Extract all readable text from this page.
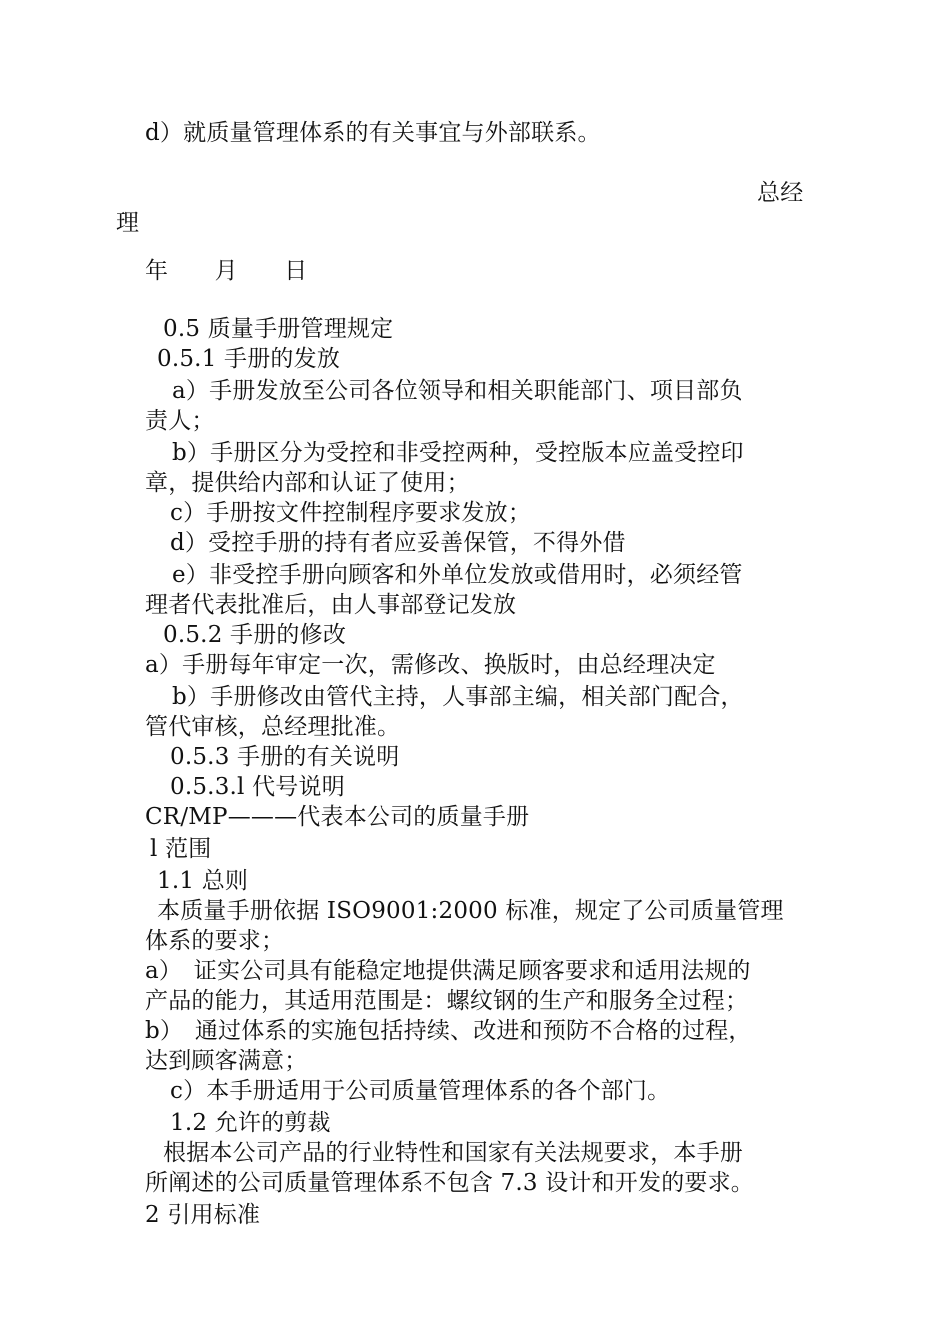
d）就质量管理体系的有关事宜与外部联系。
总经
理
年　　月　　日
0.5 质量手册管理规定
0.5.1 手册的发放
a）手册发放至公司各位领导和相关职能部门、项目部负
责人；
b）手册区分为受控和非受控两种，受控版本应盖受控印
章，提供给内部和认证了使用；
c）手册按文件控制程序要求发放；
d）受控手册的持有者应妥善保管，不得外借
e）非受控手册向顾客和外单位发放或借用时，必须经管
理者代表批准后，由人事部登记发放
0.5.2 手册的修改
a）手册每年审定一次，需修改、换版时，由总经理决定
b）手册修改由管代主持，人事部主编，相关部门配合，
管代审核，总经理批准。
0.5.3 手册的有关说明
0.5.3.l 代号说明
CR/MP———代表本公司的质量手册
l 范围
1.1 总则
本质量手册依据 ISO9001:2000 标准，规定了公司质量管理
体系的要求；
a）　证实公司具有能稳定地提供满足顾客要求和适用法规的
产品的能力，其适用范围是：螺纹钢的生产和服务全过程；
b）　通过体系的实施包括持续、改进和预防不合格的过程，
达到顾客满意；
c）本手册适用于公司质量管理体系的各个部门。
1.2 允许的剪裁
根据本公司产品的行业特性和国家有关法规要求，本手册
所阐述的公司质量管理体系不包含 7.3 设计和开发的要求。
2 引用标准
